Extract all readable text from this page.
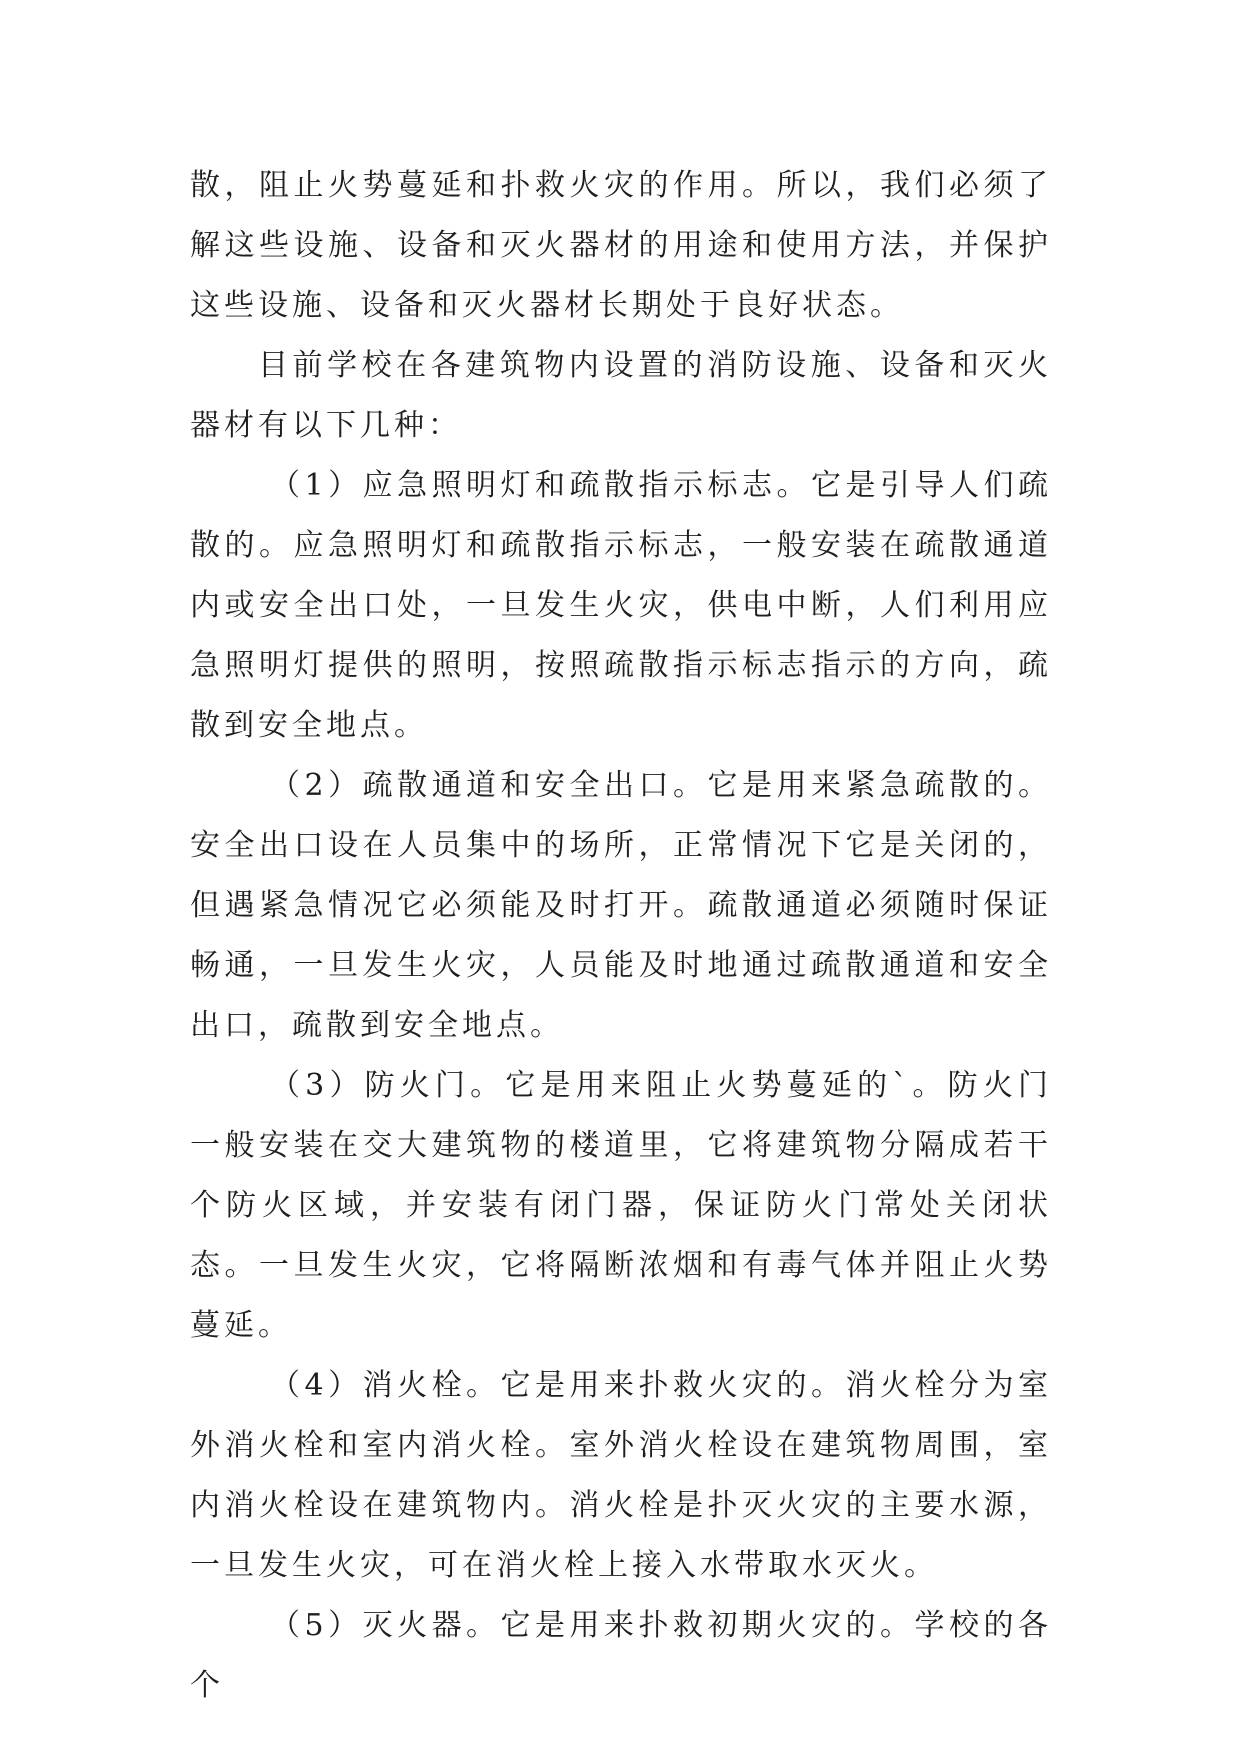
散，阻止火势蔓延和扑救火灾的作用。所以，我们必须了解这些设施、设备和灭火器材的用途和使用方法，并保护这些设施、设备和灭火器材长期处于良好状态。

目前学校在各建筑物内设置的消防设施、设备和灭火器材有以下几种：

（1）应急照明灯和疏散指示标志。它是引导人们疏散的。应急照明灯和疏散指示标志，一般安装在疏散通道内或安全出口处，一旦发生火灾，供电中断，人们利用应急照明灯提供的照明，按照疏散指示标志指示的方向，疏散到安全地点。

（2）疏散通道和安全出口。它是用来紧急疏散的。安全出口设在人员集中的场所，正常情况下它是关闭的，但遇紧急情况它必须能及时打开。疏散通道必须随时保证畅通，一旦发生火灾，人员能及时地通过疏散通道和安全出口，疏散到安全地点。

（3）防火门。它是用来阻止火势蔓延的`。防火门一般安装在交大建筑物的楼道里，它将建筑物分隔成若干个防火区域，并安装有闭门器，保证防火门常处关闭状态。一旦发生火灾，它将隔断浓烟和有毒气体并阻止火势蔓延。

（4）消火栓。它是用来扑救火灾的。消火栓分为室外消火栓和室内消火栓。室外消火栓设在建筑物周围，室内消火栓设在建筑物内。消火栓是扑灭火灾的主要水源，一旦发生火灾，可在消火栓上接入水带取水灭火。

（5）灭火器。它是用来扑救初期火灾的。学校的各个
